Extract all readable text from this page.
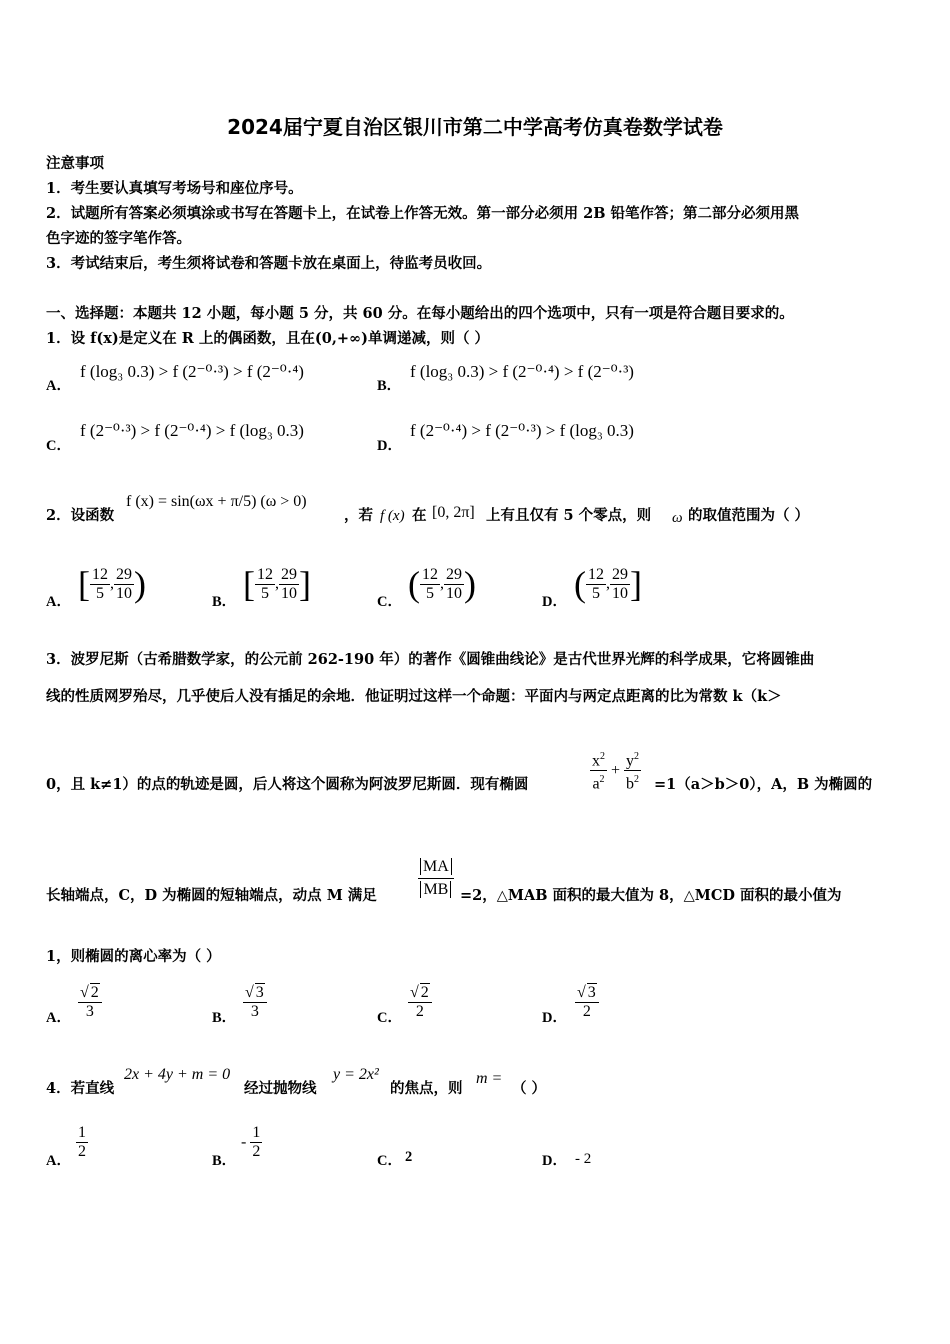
2024届宁夏自治区银川市第二中学高考仿真卷数学试卷
注意事项
1．考生要认真填写考场号和座位序号。
2．试题所有答案必须填涂或书写在答题卡上，在试卷上作答无效。第一部分必须用 2B 铅笔作答；第二部分必须用黑
色字迹的签字笔作答。
3．考试结束后，考生须将试卷和答题卡放在桌面上，待监考员收回。
一、选择题：本题共 12 小题，每小题 5 分，共 60 分。在每小题给出的四个选项中，只有一项是符合题目要求的。
1．设 f(x)是定义在 R 上的偶函数，且在(0,+∞)单调递减，则（ ）
A．
f (log₃ 0.3) > f (2⁻⁰·³) > f (2⁻⁰·⁴)
B．
f (log₃ 0.3) > f (2⁻⁰·⁴) > f (2⁻⁰·³)
C．
f (2⁻⁰·³) > f (2⁻⁰·⁴) > f (log₃ 0.3)
D．
f (2⁻⁰·⁴) > f (2⁻⁰·³) > f (log₃ 0.3)
2．设函数
f (x) = sin(ωx + π/5) (ω > 0)
，若 f (x) 在 [0, 2π] 上有且仅有 5 个零点，则 ω 的取值范围为（ ）
A． [ $\frac{12}{5}$ , $\frac{29}{10}$ )	B． [ $\frac{12}{5}$ , $\frac{29}{10}$ ]	C． ( $\frac{12}{5}$ , $\frac{29}{10}$ )	D． ( $\frac{12}{5}$ , $\frac{29}{10}$ ]
3．波罗尼斯（古希腊数学家，的公元前 262-190 年）的著作《圆锥曲线论》是古代世界光辉的科学成果，它将圆锥曲
线的性质网罗殆尽，几乎使后人没有插足的余地．他证明过这样一个命题：平面内与两定点距离的比为常数 k（k＞
0，且 k≠1）的点的轨迹是圆，后人将这个圆称为阿波罗尼斯圆．现有椭圆	$\frac{x^2}{a^2} + \frac{y^2}{b^2} =1(a>b>0)$，A，B 为椭圆的
长轴端点，C，D 为椭圆的短轴端点，动点 M 满足	$\frac{MA}{MB} =2$，△MAB 面积的最大值为 8，△MCD 面积的最小值为
1，则椭圆的离心率为（ ）
A． $\frac{√ 2}{3}$	B． $\frac{√ 3}{3}$	C． $\frac{√ 2}{2}$	D． $\frac{√ 3}{2}$
4．若直线
2x + 4y + m = 0
经过抛物线
y = 2x²
的焦点，则
m =
（ ）
A． $\frac{1}{2}$	B．
- $\frac{1}{2}$	C． 2	D． - 2
